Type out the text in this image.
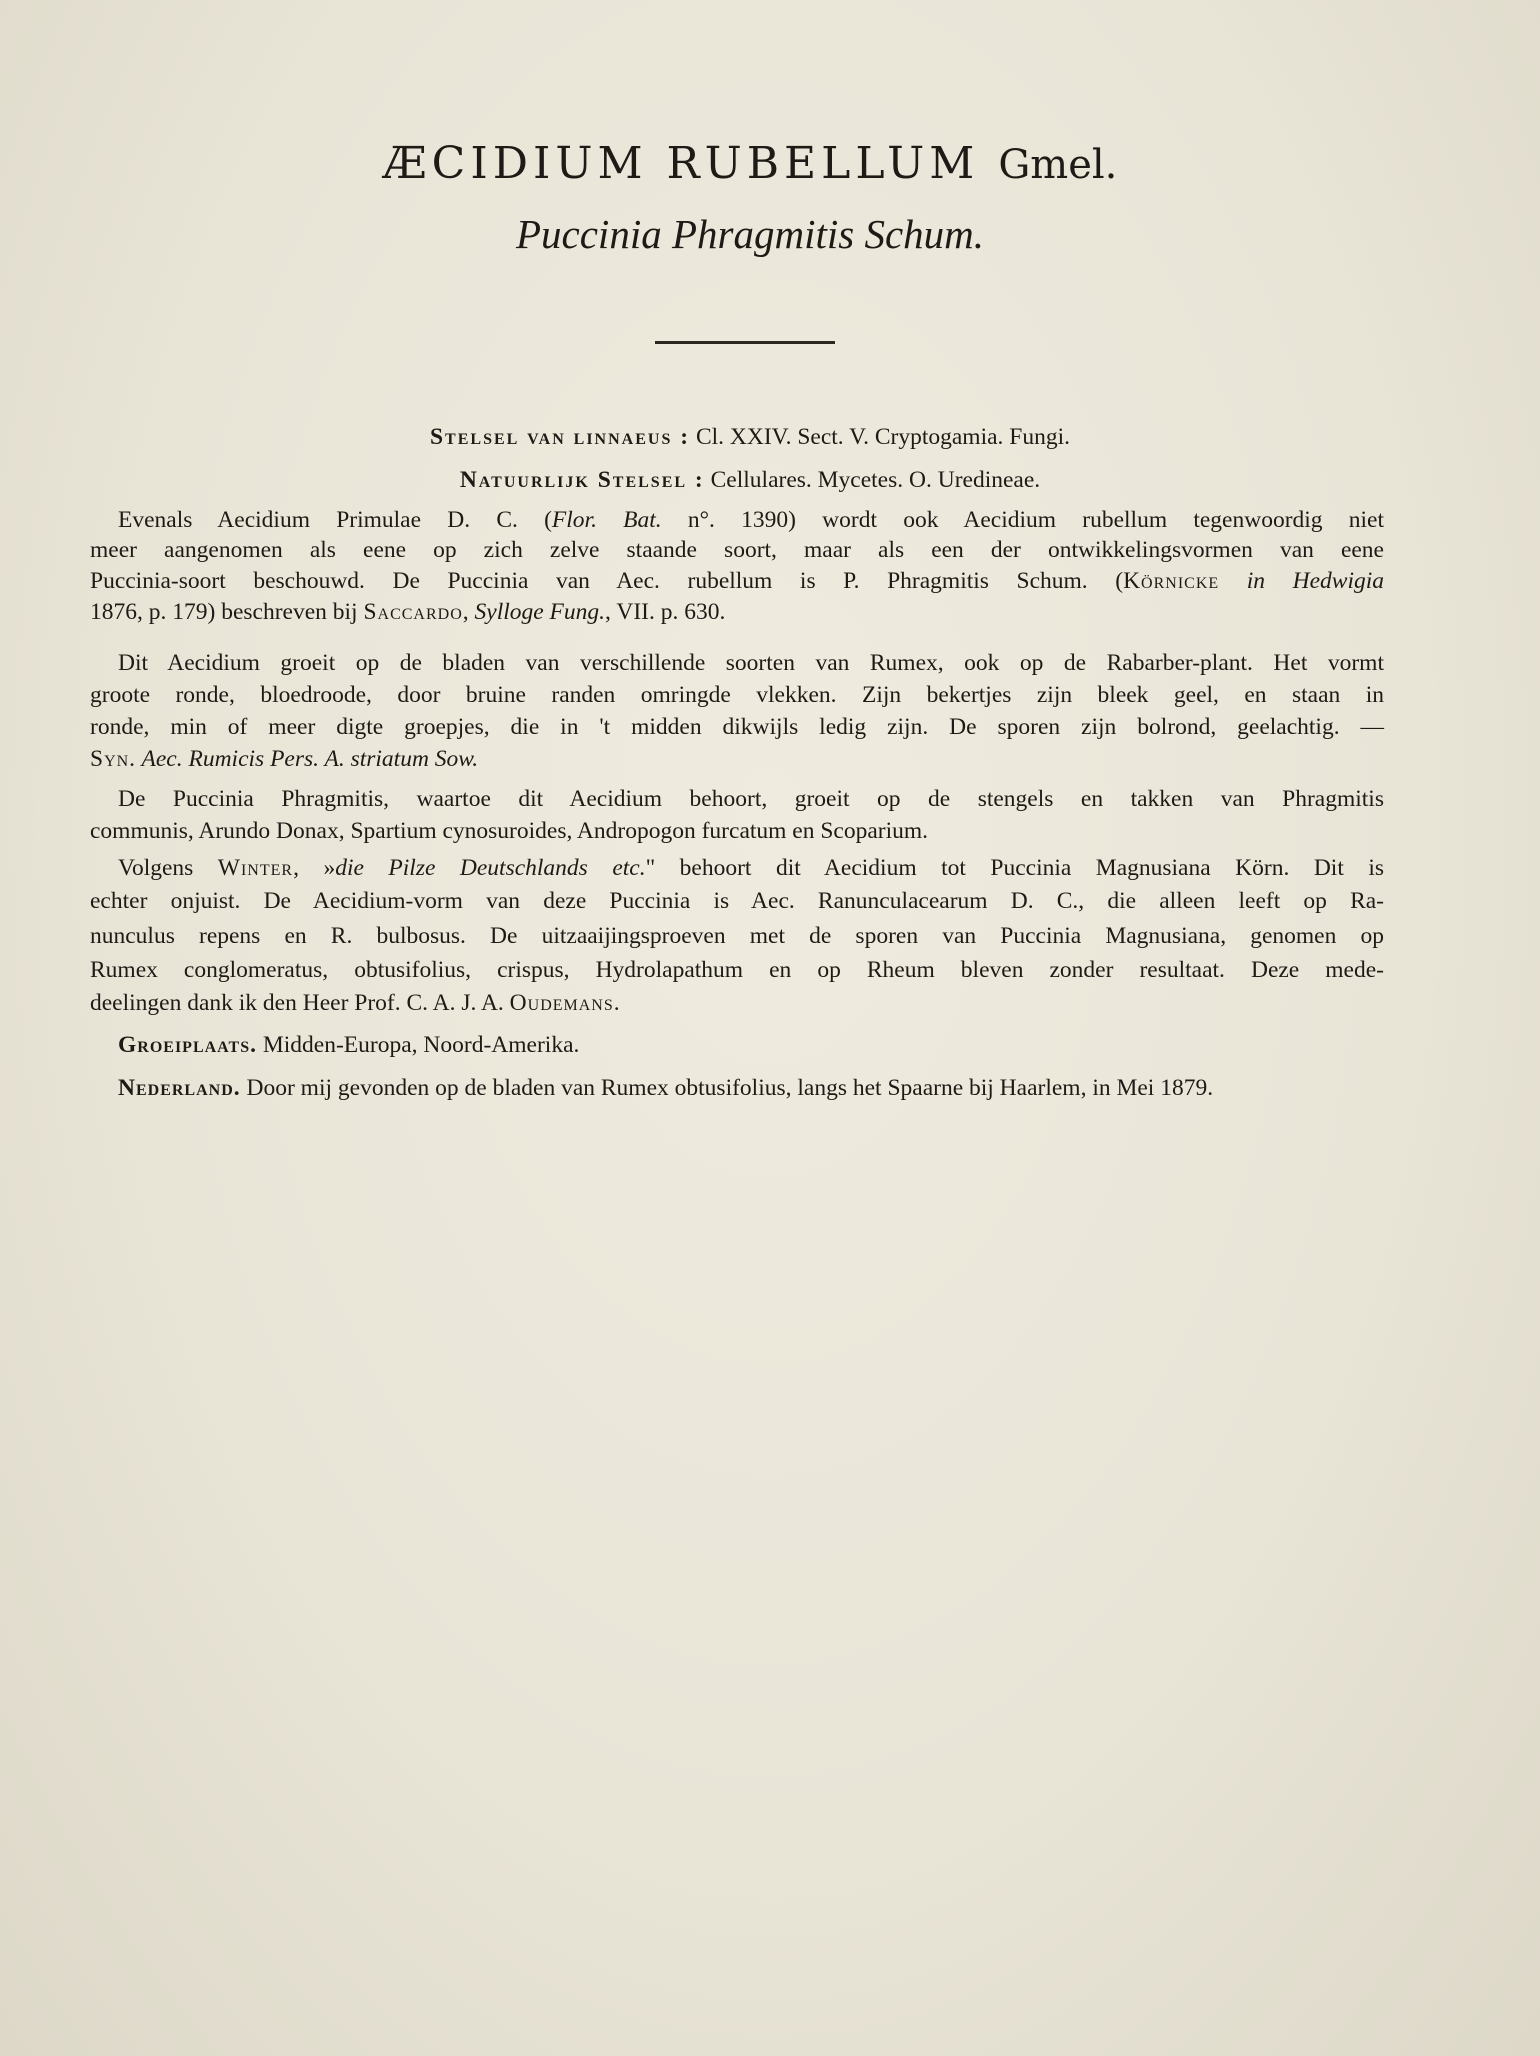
ÆCIDIUM RUBELLUM Gmel.
Puccinia Phragmitis Schum.
Stelsel van linnaeus : Cl. XXIV. Sect. V. Cryptogamia. Fungi.
Natuurlijk Stelsel : Cellulares. Mycetes. O. Uredineae.
Evenals Aecidium Primulae D. C. (Flor. Bat. n°. 1390) wordt ook Aecidium rubellum tegenwoordig niet
meer aangenomen als eene op zich zelve staande soort, maar als een der ontwikkelingsvormen van eene
Puccinia-soort beschouwd. De Puccinia van Aec. rubellum is P. Phragmitis Schum. (Körnicke in Hedwigia
1876, p. 179) beschreven bij Saccardo, Sylloge Fung., VII. p. 630.
Dit Aecidium groeit op de bladen van verschillende soorten van Rumex, ook op de Rabarber-plant. Het vormt
groote ronde, bloedroode, door bruine randen omringde vlekken. Zijn bekertjes zijn bleek geel, en staan in
ronde, min of meer digte groepjes, die in 't midden dikwijls ledig zijn. De sporen zijn bolrond, geelachtig. —
Syn. Aec. Rumicis Pers. A. striatum Sow.
De Puccinia Phragmitis, waartoe dit Aecidium behoort, groeit op de stengels en takken van Phragmitis
communis, Arundo Donax, Spartium cynosuroides, Andropogon furcatum en Scoparium.
Volgens Winter, »die Pilze Deutschlands etc." behoort dit Aecidium tot Puccinia Magnusiana Körn. Dit is
echter onjuist. De Aecidium-vorm van deze Puccinia is Aec. Ranunculacearum D. C., die alleen leeft op Ra-
nunculus repens en R. bulbosus. De uitzaaijingsproeven met de sporen van Puccinia Magnusiana, genomen op
Rumex conglomeratus, obtusifolius, crispus, Hydrolapathum en op Rheum bleven zonder resultaat. Deze mede-
deelingen dank ik den Heer Prof. C. A. J. A. Oudemans.
Groeiplaats. Midden-Europa, Noord-Amerika.
Nederland. Door mij gevonden op de bladen van Rumex obtusifolius, langs het Spaarne bij Haarlem, in Mei 1879.
